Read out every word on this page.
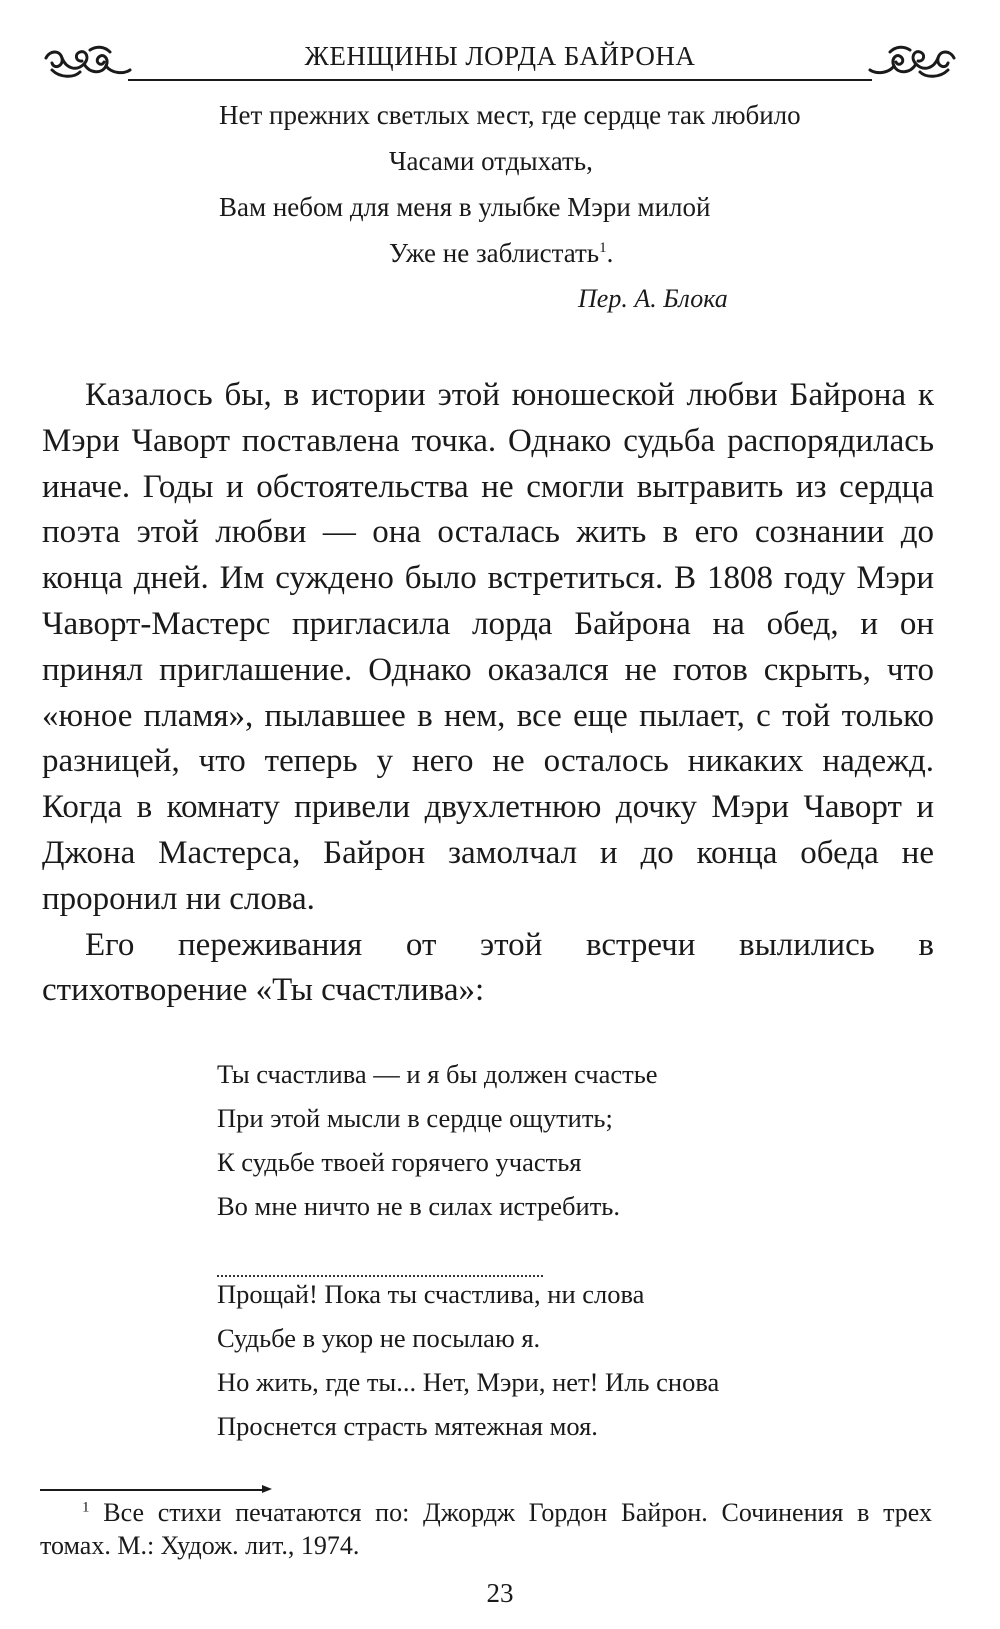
ЖЕНЩИНЫ ЛОРДА БАЙРОНА
Нет прежних светлых мест, где сердце так любило
Часами отдыхать,
Вам небом для меня в улыбке Мэри милой
Уже не заблистать$^1$.
Пер. А. Блока

Казалось бы, в истории этой юношеской любви Байрона к Мэри Чаворт поставлена точка. Однако судьба распорядилась иначе. Годы и обстоятельства не смогли вытравить из сердца поэта этой любви — она осталась жить в его сознании до конца дней. Им суждено было встретиться. В 1808 году Мэри Чаворт-Мастерс пригласила лорда Байрона на обед, и он принял приглашение. Однако оказался не готов скрыть, что «юное пламя», пылавшее в нем, все еще пылает, с той только разницей, что теперь у него не осталось никаких надежд. Когда в комнату привели двухлетнюю дочку Мэри Чаворт и Джона Мастерса, Байрон замолчал и до конца обеда не проронил ни слова.

Его переживания от этой встречи вылились в стихотворение «Ты счастлива»:

Ты счастлива — и я бы должен счастье
При этой мысли в сердце ощутить;
К судьбе твоей горячего участья
Во мне ничто не в силах истребить.
Прощай! Пока ты счастлива, ни слова
Судьбе в укор не посылаю я.
Но жить, где ты... Нет, Мэри, нет! Иль снова
Проснется страсть мятежная моя.
$^1$ Все стихи печатаются по: Джордж Гордон Байрон. Сочинения в трех томах. М.: Худож. лит., 1974.
23
